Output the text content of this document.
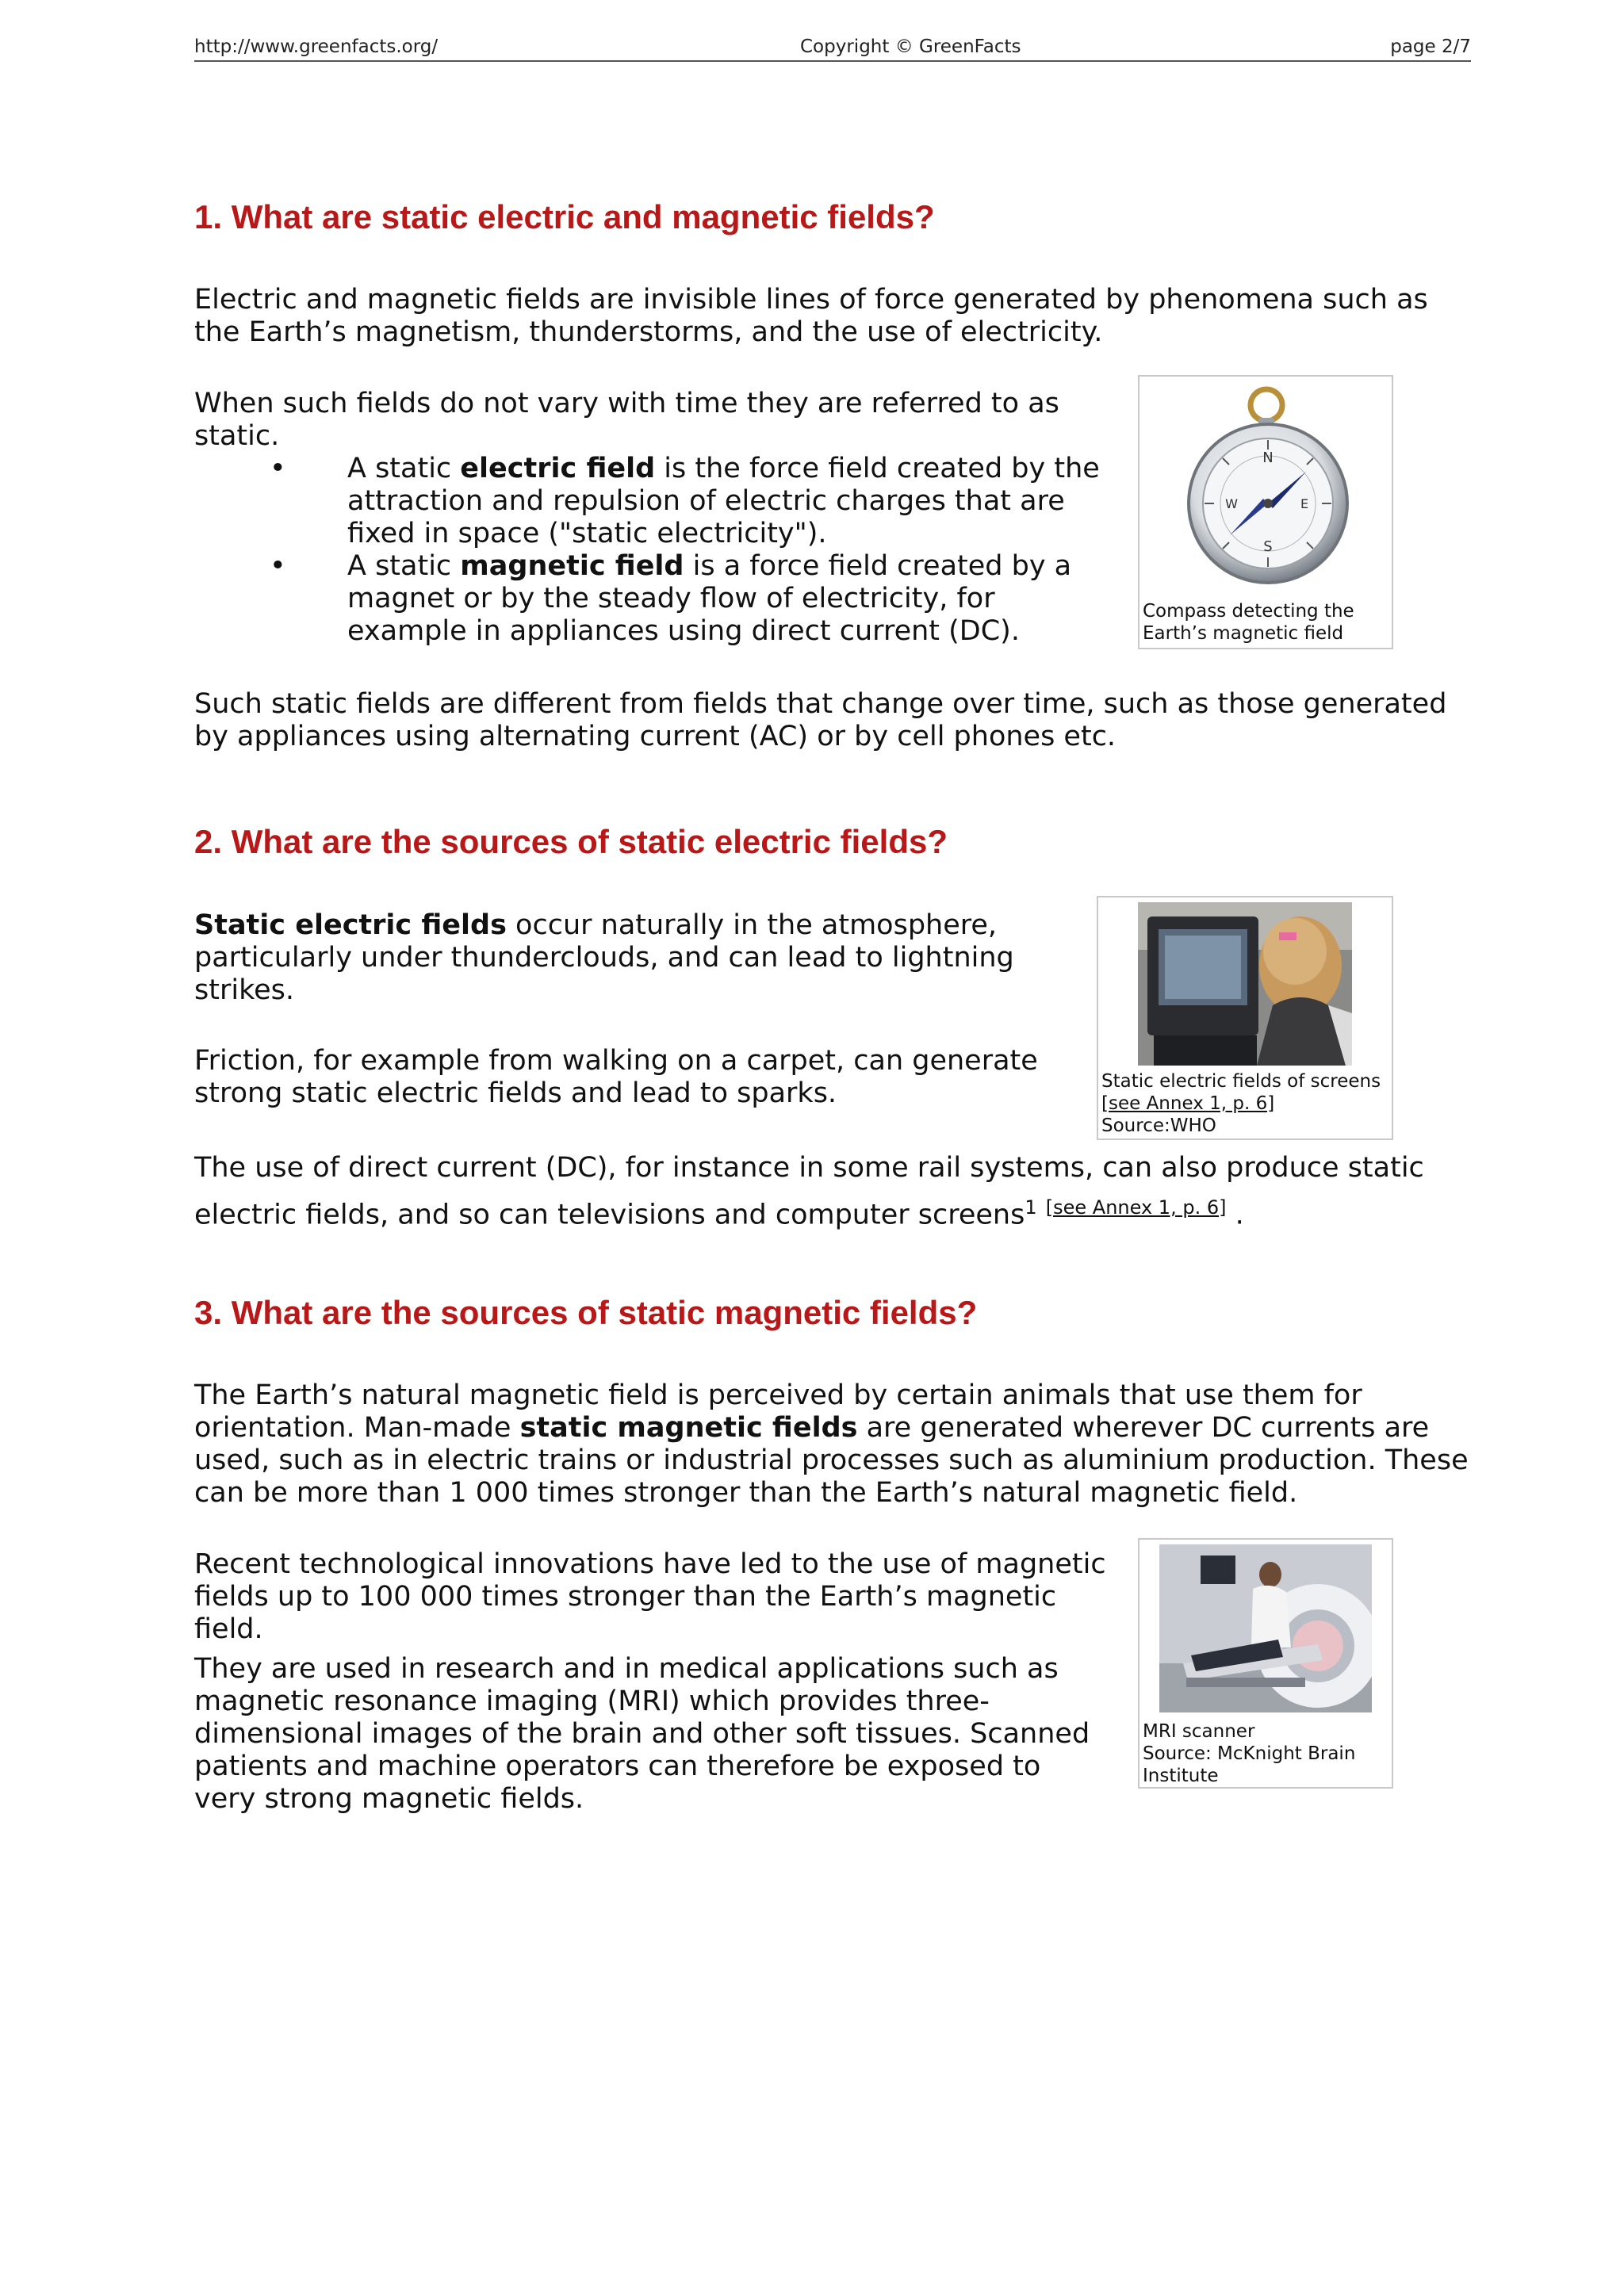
http://www.greenfacts.org/	Copyright © GreenFacts	page 2/7
1. What are static electric and magnetic fields?

Electric and magnetic fields are invisible lines of force generated by phenomena such as the Earth’s magnetism, thunderstorms, and the use of electricity.

When such fields do not vary with time they are referred to as static.

• A static electric field is the force field created by the attraction and repulsion of electric charges that are fixed in space ("static electricity").

• A static magnetic field is a force field created by a magnet or by the steady flow of electricity, for example in appliances using direct current (DC).

N
E
S
W
Compass detecting the Earth’s magnetic field

Such static fields are different from fields that change over time, such as those generated by appliances using alternating current (AC) or by cell phones etc.

2. What are the sources of static electric fields?

Static electric fields occur naturally in the atmosphere, particularly under thunderclouds, and can lead to lightning strikes.

Friction, for example from walking on a carpet, can generate strong static electric fields and lead to sparks.	Static electric fields of screens
[see Annex 1, p. 6]
Source:WHO

The use of direct current (DC), for instance in some rail systems, can also produce static electric fields, and so can televisions and computer screens$^1$ [see Annex 1, p. 6] .

3. What are the sources of static magnetic fields?

The Earth’s natural magnetic field is perceived by certain animals that use them for orientation. Man-made static magnetic fields are generated wherever DC currents are used, such as in electric trains or industrial processes such as aluminium production. These can be more than 1 000 times stronger than the Earth’s natural magnetic field.

Recent technological innovations have led to the use of magnetic fields up to 100 000 times stronger than the Earth’s magnetic field.

They are used in research and in medical applications such as magnetic resonance imaging (MRI) which provides three-dimensional images of the brain and other soft tissues. Scanned patients and machine operators can therefore be exposed to very strong magnetic fields.

MRI scanner
Source: McKnight Brain Institute
